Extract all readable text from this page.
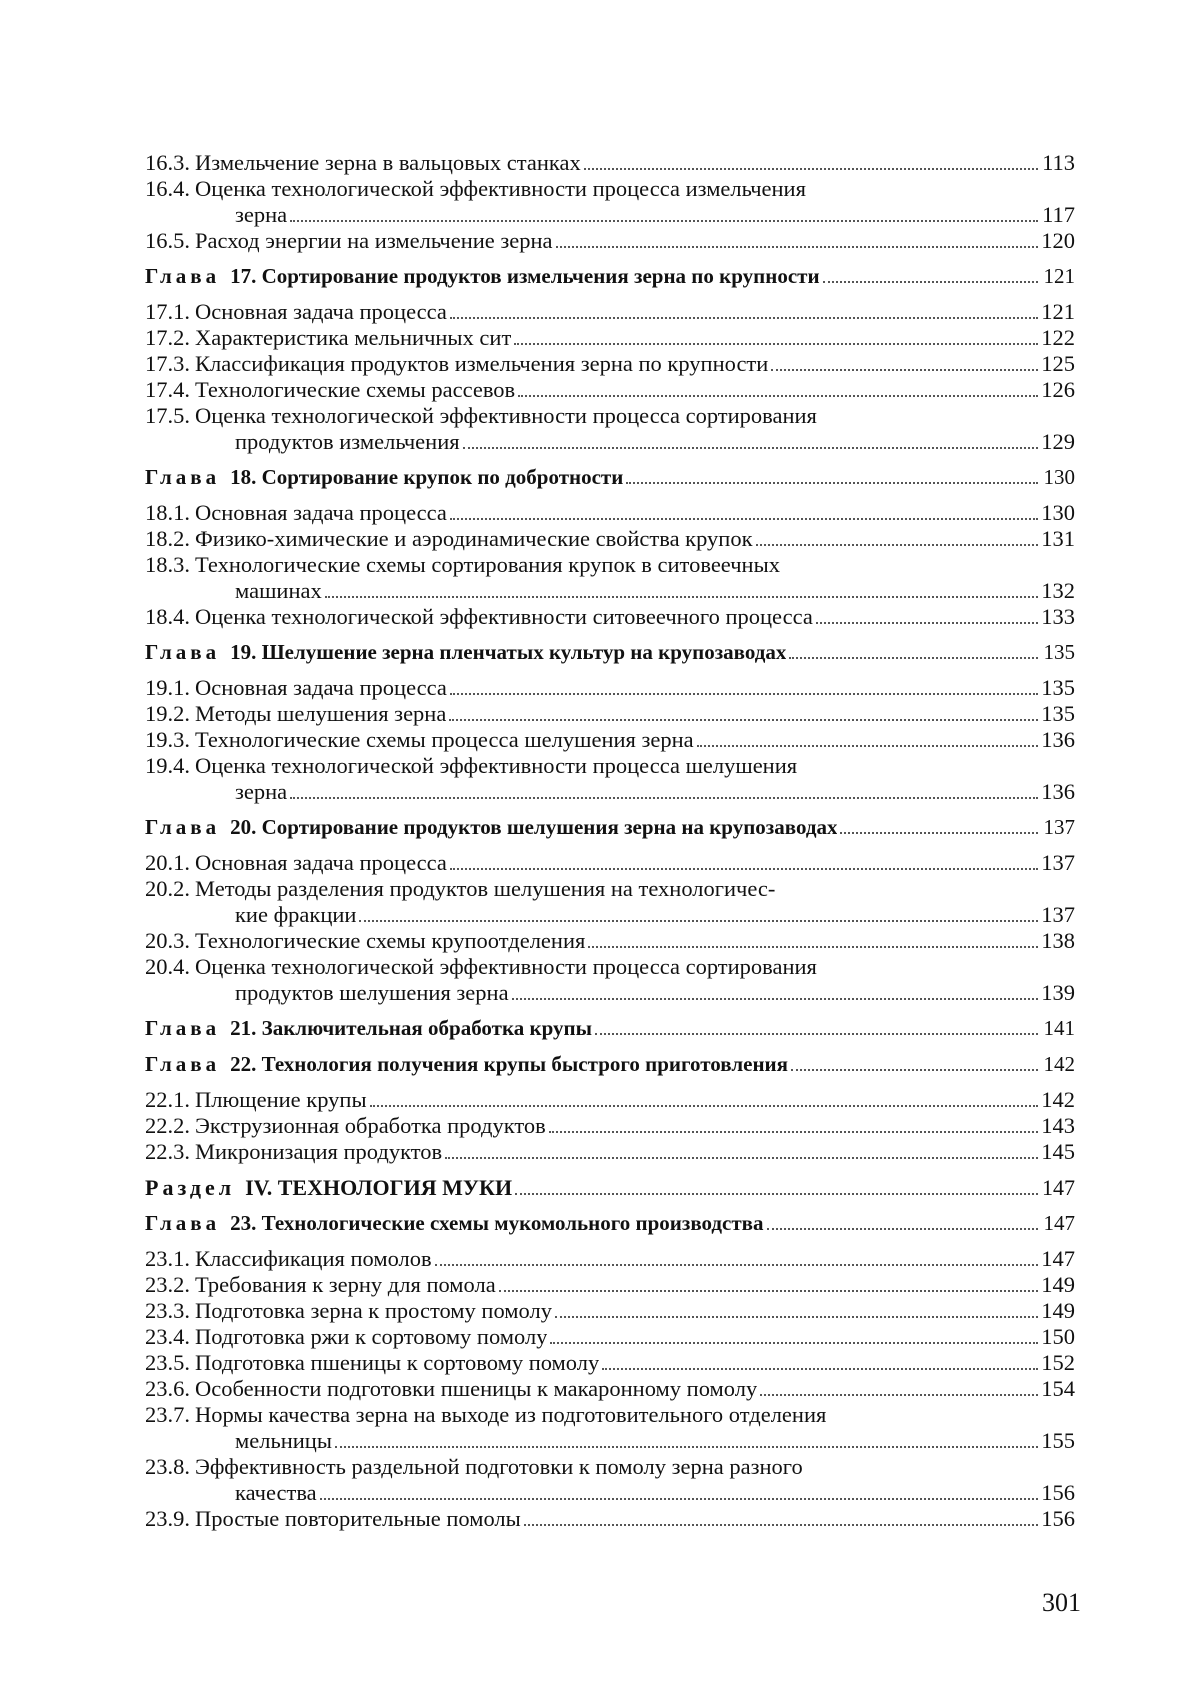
16.3. Измельчение зерна в вальцовых станках	113
16.4. Оценка технологической эффективности процесса измельчения
зерна	117
16.5. Расход энергии на измельчение зерна	120
Глава 17. Сортирование продуктов измельчения зерна по крупности	121
17.1. Основная задача процесса	121
17.2. Характеристика мельничных сит	122
17.3. Классификация продуктов измельчения зерна по крупности	125
17.4. Технологические схемы рассевов	126
17.5. Оценка технологической эффективности процесса сортирования
продуктов измельчения	129
Глава 18. Сортирование крупок по добротности	130
18.1. Основная задача процесса	130
18.2. Физико-химические и аэродинамические свойства крупок	131
18.3. Технологические схемы сортирования крупок в ситовеечных
машинах	132
18.4. Оценка технологической эффективности ситовеечного процесса	133
Глава 19. Шелушение зерна пленчатых культур на крупозаводах	135
19.1. Основная задача процесса	135
19.2. Методы шелушения зерна	135
19.3. Технологические схемы процесса шелушения зерна	136
19.4. Оценка технологической эффективности процесса шелушения
зерна	136
Глава 20. Сортирование продуктов шелушения зерна на крупозаводах	137
20.1. Основная задача процесса	137
20.2. Методы разделения продуктов шелушения на технологичес-
кие фракции	137
20.3. Технологические схемы крупоотделения	138
20.4. Оценка технологической эффективности процесса сортирования
продуктов шелушения зерна	139
Глава 21. Заключительная обработка крупы	141
Глава 22. Технология получения крупы быстрого приготовления	142
22.1. Плющение крупы	142
22.2. Экструзионная обработка продуктов	143
22.3. Микронизация продуктов	145
Раздел IV. ТЕХНОЛОГИЯ МУКИ	147
Глава 23. Технологические схемы мукомольного производства	147
23.1. Классификация помолов	147
23.2. Требования к зерну для помола	149
23.3. Подготовка зерна к простому помолу	149
23.4. Подготовка ржи к сортовому помолу	150
23.5. Подготовка пшеницы к сортовому помолу	152
23.6. Особенности подготовки пшеницы к макаронному помолу	154
23.7. Нормы качества зерна на выходе из подготовительного отделения
мельницы	155
23.8. Эффективность раздельной подготовки к помолу зерна разного
качества	156
23.9. Простые повторительные помолы	156
301
